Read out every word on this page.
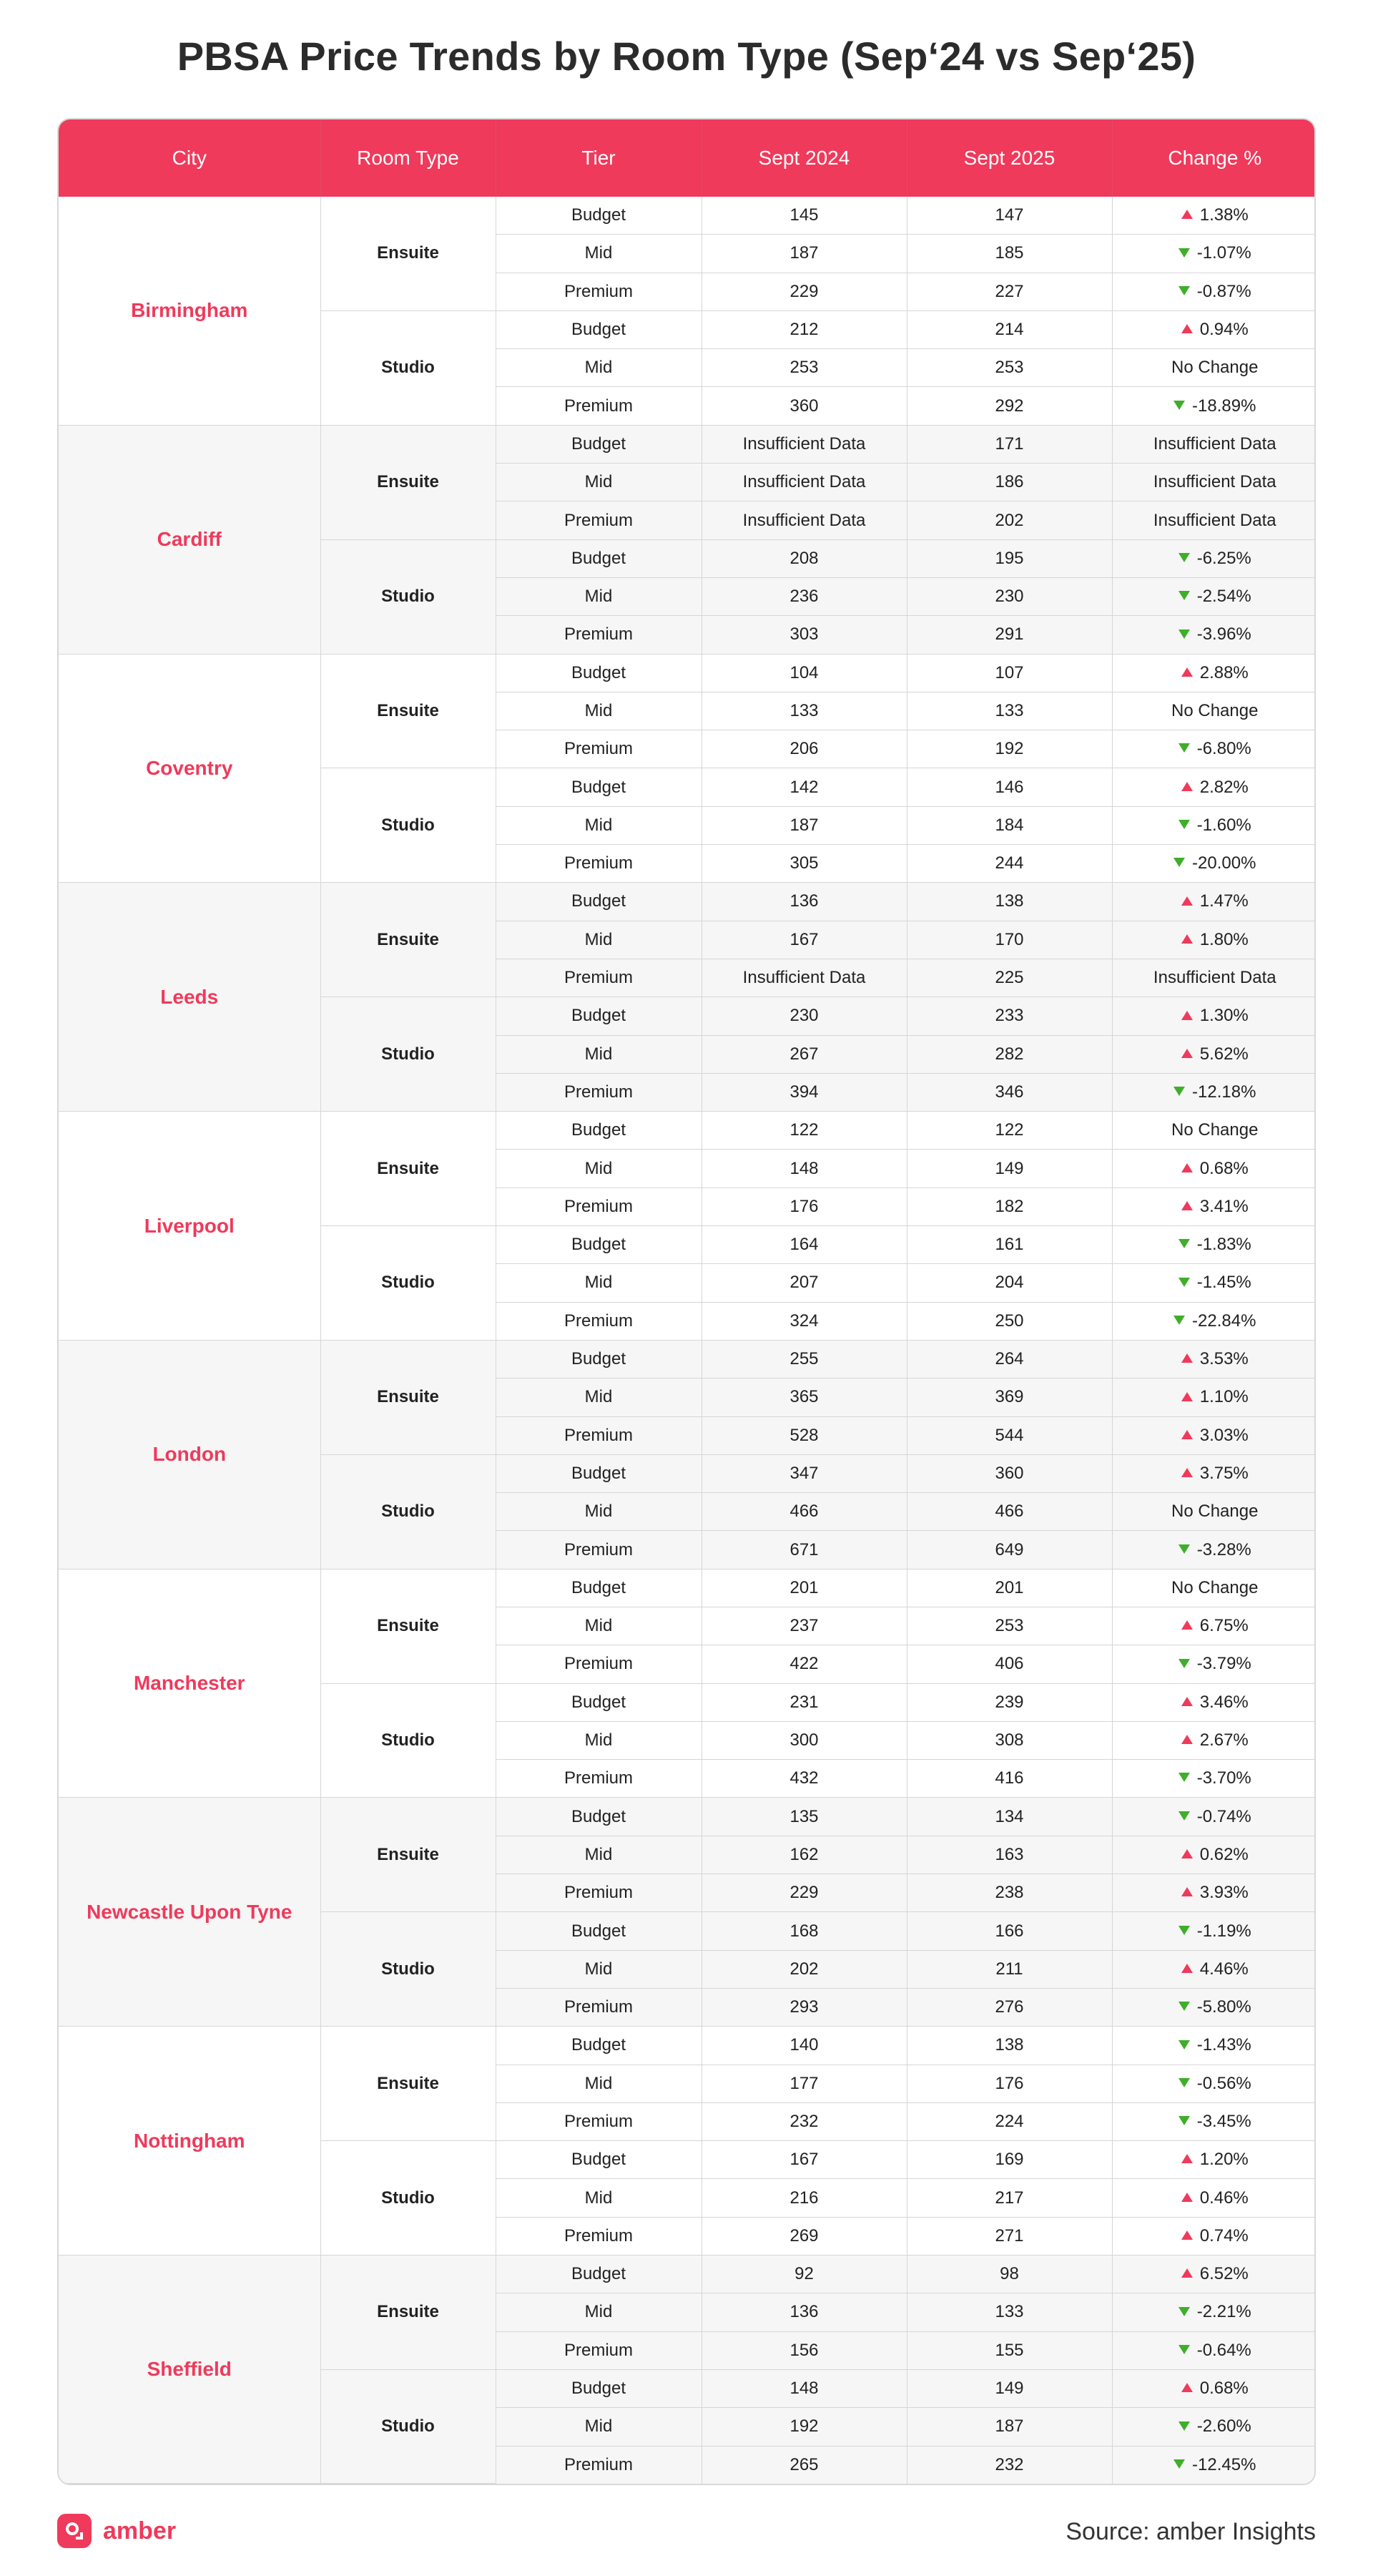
PBSA Price Trends by Room Type (Sep‘24 vs Sep‘25)
City	Room Type	Tier	Sept 2024	Sept 2025	Change %
Birmingham	Ensuite	Budget	145	147	1.38%
		Mid	187	185	-1.07%
		Premium	229	227	-0.87%
	Studio	Budget	212	214	0.94%
		Mid	253	253	No Change
		Premium	360	292	-18.89%
Cardiff	Ensuite	Budget	Insufficient Data	171	Insufficient Data
		Mid	Insufficient Data	186	Insufficient Data
		Premium	Insufficient Data	202	Insufficient Data
	Studio	Budget	208	195	-6.25%
		Mid	236	230	-2.54%
		Premium	303	291	-3.96%
Coventry	Ensuite	Budget	104	107	2.88%
		Mid	133	133	No Change
		Premium	206	192	-6.80%
	Studio	Budget	142	146	2.82%
		Mid	187	184	-1.60%
		Premium	305	244	-20.00%
Leeds	Ensuite	Budget	136	138	1.47%
		Mid	167	170	1.80%
		Premium	Insufficient Data	225	Insufficient Data
	Studio	Budget	230	233	1.30%
		Mid	267	282	5.62%
		Premium	394	346	-12.18%
Liverpool	Ensuite	Budget	122	122	No Change
		Mid	148	149	0.68%
		Premium	176	182	3.41%
	Studio	Budget	164	161	-1.83%
		Mid	207	204	-1.45%
		Premium	324	250	-22.84%
London	Ensuite	Budget	255	264	3.53%
		Mid	365	369	1.10%
		Premium	528	544	3.03%
	Studio	Budget	347	360	3.75%
		Mid	466	466	No Change
		Premium	671	649	-3.28%
Manchester	Ensuite	Budget	201	201	No Change
		Mid	237	253	6.75%
		Premium	422	406	-3.79%
	Studio	Budget	231	239	3.46%
		Mid	300	308	2.67%
		Premium	432	416	-3.70%
Newcastle Upon Tyne	Ensuite	Budget	135	134	-0.74%
		Mid	162	163	0.62%
		Premium	229	238	3.93%
	Studio	Budget	168	166	-1.19%
		Mid	202	211	4.46%
		Premium	293	276	-5.80%
Nottingham	Ensuite	Budget	140	138	-1.43%
		Mid	177	176	-0.56%
		Premium	232	224	-3.45%
	Studio	Budget	167	169	1.20%
		Mid	216	217	0.46%
		Premium	269	271	0.74%
Sheffield	Ensuite	Budget	92	98	6.52%
		Mid	136	133	-2.21%
		Premium	156	155	-0.64%
	Studio	Budget	148	149	0.68%
		Mid	192	187	-2.60%
		Premium	265	232	-12.45%
amber	Source: amber Insights
